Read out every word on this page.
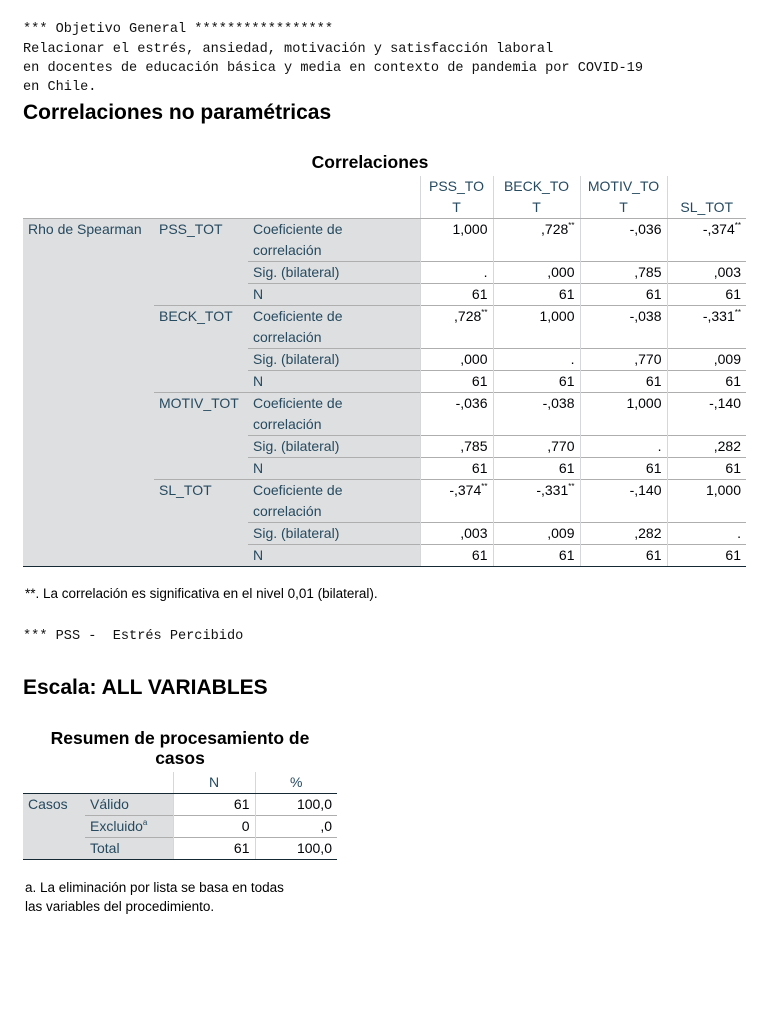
*** Objetivo General *****************
Relacionar el estrés, ansiedad, motivación y satisfacción laboral
en docentes de educación básica y media en contexto de pandemia por COVID-19
en Chile.
Correlaciones no paramétricas
Correlaciones
			PSS_TO	BECK_TO	MOTIV_TO	
			T	T	T	SL_TOT
Rho de Spearman	PSS_TOT	Coeficiente de	1,000	,728**	-,036	-,374**
		correlación				
		Sig. (bilateral)	.	,000	,785	,003
		N	61	61	61	61
	BECK_TOT	Coeficiente de	,728**	1,000	-,038	-,331**
		correlación				
		Sig. (bilateral)	,000	.	,770	,009
		N	61	61	61	61
	MOTIV_TOT	Coeficiente de	-,036	-,038	1,000	-,140
		correlación				
		Sig. (bilateral)	,785	,770	.	,282
		N	61	61	61	61
	SL_TOT	Coeficiente de	-,374**	-,331**	-,140	1,000
		correlación				
		Sig. (bilateral)	,003	,009	,282	.
		N	61	61	61	61
**. La correlación es significativa en el nivel 0,01 (bilateral).
*** PSS -  Estrés Percibido
Escala: ALL VARIABLES
Resumen de procesamiento de
casos
		N	%
Casos	Válido	61	100,0
	Excluido$^a$	0	,0
	Total	61	100,0
a. La eliminación por lista se basa en todas
las variables del procedimiento.
